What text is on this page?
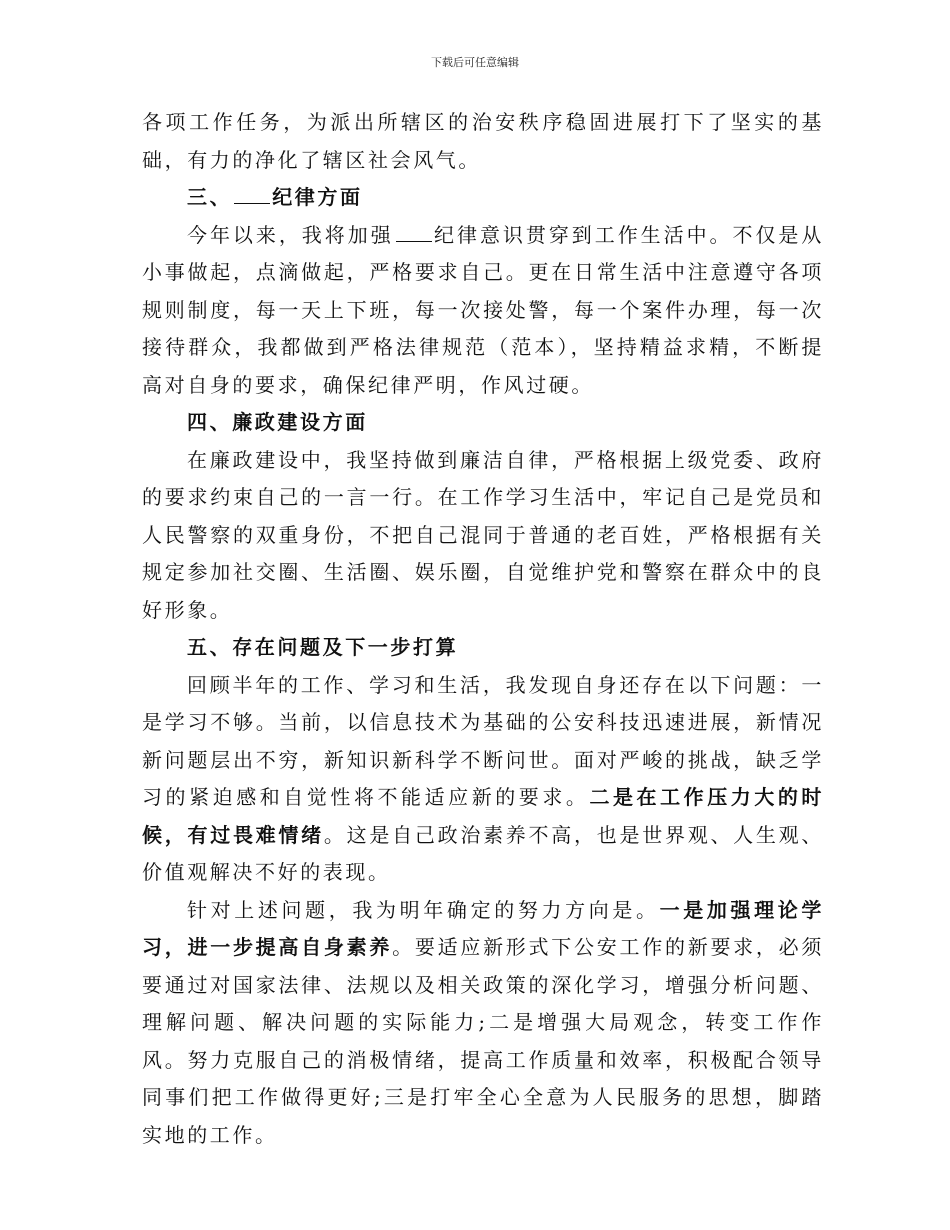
下载后可任意编辑

各项工作任务，为派出所辖区的治安秩序稳固进展打下了坚实的基础，有力的净化了辖区社会风气。

三、 纪律方面

今年以来，我将加强 纪律意识贯穿到工作生活中。不仅是从小事做起，点滴做起，严格要求自己。更在日常生活中注意遵守各项规则制度，每一天上下班，每一次接处警，每一个案件办理，每一次接待群众，我都做到严格法律规范（范本），坚持精益求精，不断提高对自身的要求，确保纪律严明，作风过硬。

四、廉政建设方面

在廉政建设中，我坚持做到廉洁自律，严格根据上级党委、政府的要求约束自己的一言一行。在工作学习生活中，牢记自己是党员和人民警察的双重身份，不把自己混同于普通的老百姓，严格根据有关规定参加社交圈、生活圈、娱乐圈，自觉维护党和警察在群众中的良好形象。

五、存在问题及下一步打算

回顾半年的工作、学习和生活，我发现自身还存在以下问题：一是学习不够。当前，以信息技术为基础的公安科技迅速进展，新情况新问题层出不穷，新知识新科学不断问世。面对严峻的挑战，缺乏学习的紧迫感和自觉性将不能适应新的要求。二是在工作压力大的时候，有过畏难情绪。这是自己政治素养不高，也是世界观、人生观、价值观解决不好的表现。

针对上述问题，我为明年确定的努力方向是。一是加强理论学习，进一步提高自身素养。要适应新形式下公安工作的新要求，必须要通过对国家法律、法规以及相关政策的深化学习，增强分析问题、理解问题、解决问题的实际能力;二是增强大局观念，转变工作作风。努力克服自己的消极情绪，提高工作质量和效率，积极配合领导同事们把工作做得更好;三是打牢全心全意为人民服务的思想，脚踏实地的工作。
